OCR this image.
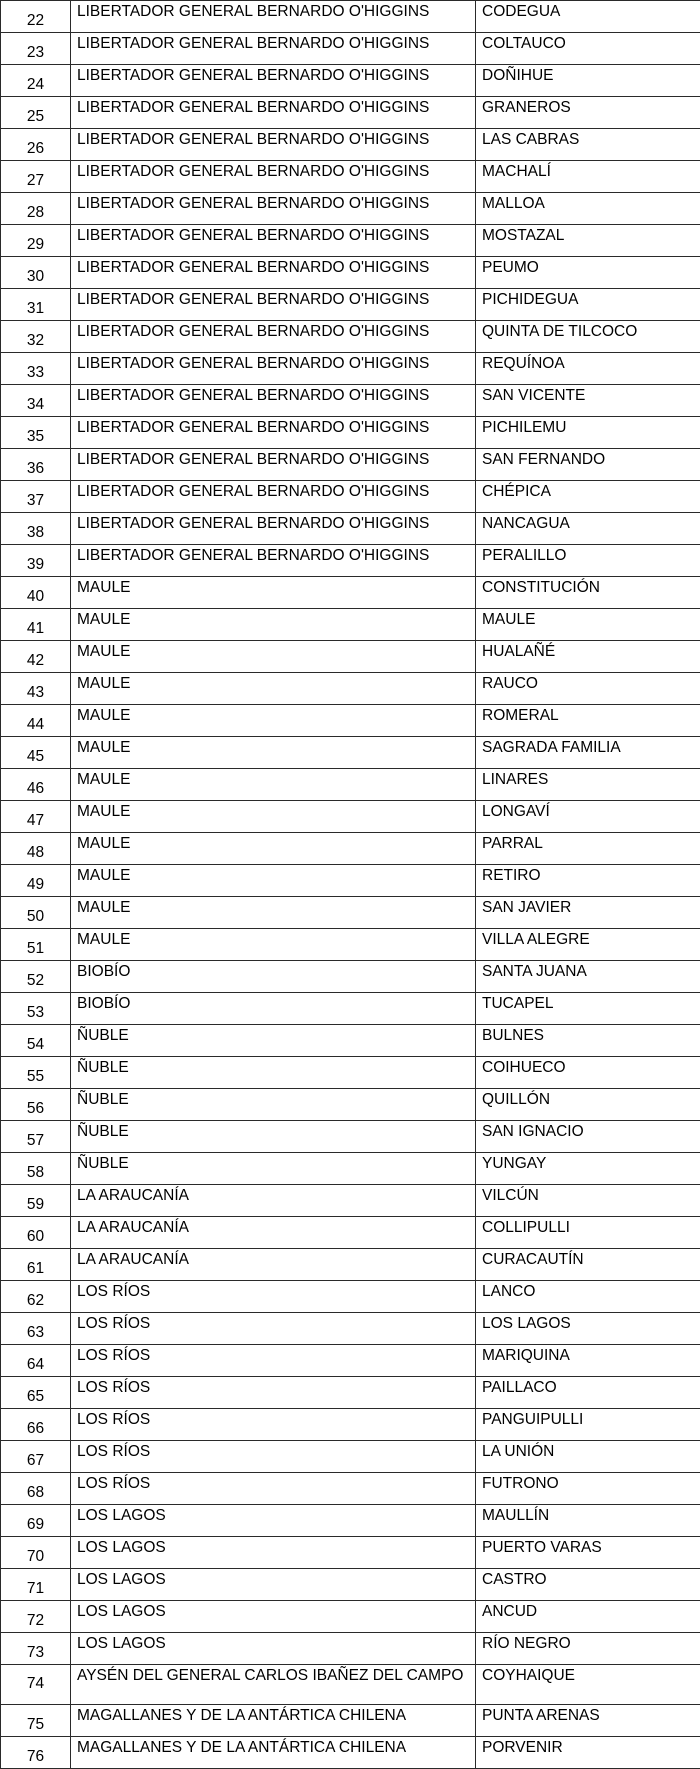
22	LIBERTADOR GENERAL BERNARDO O'HIGGINS	CODEGUA
23	LIBERTADOR GENERAL BERNARDO O'HIGGINS	COLTAUCO
24	LIBERTADOR GENERAL BERNARDO O'HIGGINS	DOÑIHUE
25	LIBERTADOR GENERAL BERNARDO O'HIGGINS	GRANEROS
26	LIBERTADOR GENERAL BERNARDO O'HIGGINS	LAS CABRAS
27	LIBERTADOR GENERAL BERNARDO O'HIGGINS	MACHALÍ
28	LIBERTADOR GENERAL BERNARDO O'HIGGINS	MALLOA
29	LIBERTADOR GENERAL BERNARDO O'HIGGINS	MOSTAZAL
30	LIBERTADOR GENERAL BERNARDO O'HIGGINS	PEUMO
31	LIBERTADOR GENERAL BERNARDO O'HIGGINS	PICHIDEGUA
32	LIBERTADOR GENERAL BERNARDO O'HIGGINS	QUINTA DE TILCOCO
33	LIBERTADOR GENERAL BERNARDO O'HIGGINS	REQUÍNOA
34	LIBERTADOR GENERAL BERNARDO O'HIGGINS	SAN VICENTE
35	LIBERTADOR GENERAL BERNARDO O'HIGGINS	PICHILEMU
36	LIBERTADOR GENERAL BERNARDO O'HIGGINS	SAN FERNANDO
37	LIBERTADOR GENERAL BERNARDO O'HIGGINS	CHÉPICA
38	LIBERTADOR GENERAL BERNARDO O'HIGGINS	NANCAGUA
39	LIBERTADOR GENERAL BERNARDO O'HIGGINS	PERALILLO
40	MAULE	CONSTITUCIÓN
41	MAULE	MAULE
42	MAULE	HUALAÑÉ
43	MAULE	RAUCO
44	MAULE	ROMERAL
45	MAULE	SAGRADA FAMILIA
46	MAULE	LINARES
47	MAULE	LONGAVÍ
48	MAULE	PARRAL
49	MAULE	RETIRO
50	MAULE	SAN JAVIER
51	MAULE	VILLA ALEGRE
52	BIOBÍO	SANTA JUANA
53	BIOBÍO	TUCAPEL
54	ÑUBLE	BULNES
55	ÑUBLE	COIHUECO
56	ÑUBLE	QUILLÓN
57	ÑUBLE	SAN IGNACIO
58	ÑUBLE	YUNGAY
59	LA ARAUCANÍA	VILCÚN
60	LA ARAUCANÍA	COLLIPULLI
61	LA ARAUCANÍA	CURACAUTÍN
62	LOS RÍOS	LANCO
63	LOS RÍOS	LOS LAGOS
64	LOS RÍOS	MARIQUINA
65	LOS RÍOS	PAILLACO
66	LOS RÍOS	PANGUIPULLI
67	LOS RÍOS	LA UNIÓN
68	LOS RÍOS	FUTRONO
69	LOS LAGOS	MAULLÍN
70	LOS LAGOS	PUERTO VARAS
71	LOS LAGOS	CASTRO
72	LOS LAGOS	ANCUD
73	LOS LAGOS	RÍO NEGRO
74	AYSÉN DEL GENERAL CARLOS IBAÑEZ DEL CAMPO	COYHAIQUE
75	MAGALLANES Y DE LA ANTÁRTICA CHILENA	PUNTA ARENAS
76	MAGALLANES Y DE LA ANTÁRTICA CHILENA	PORVENIR
